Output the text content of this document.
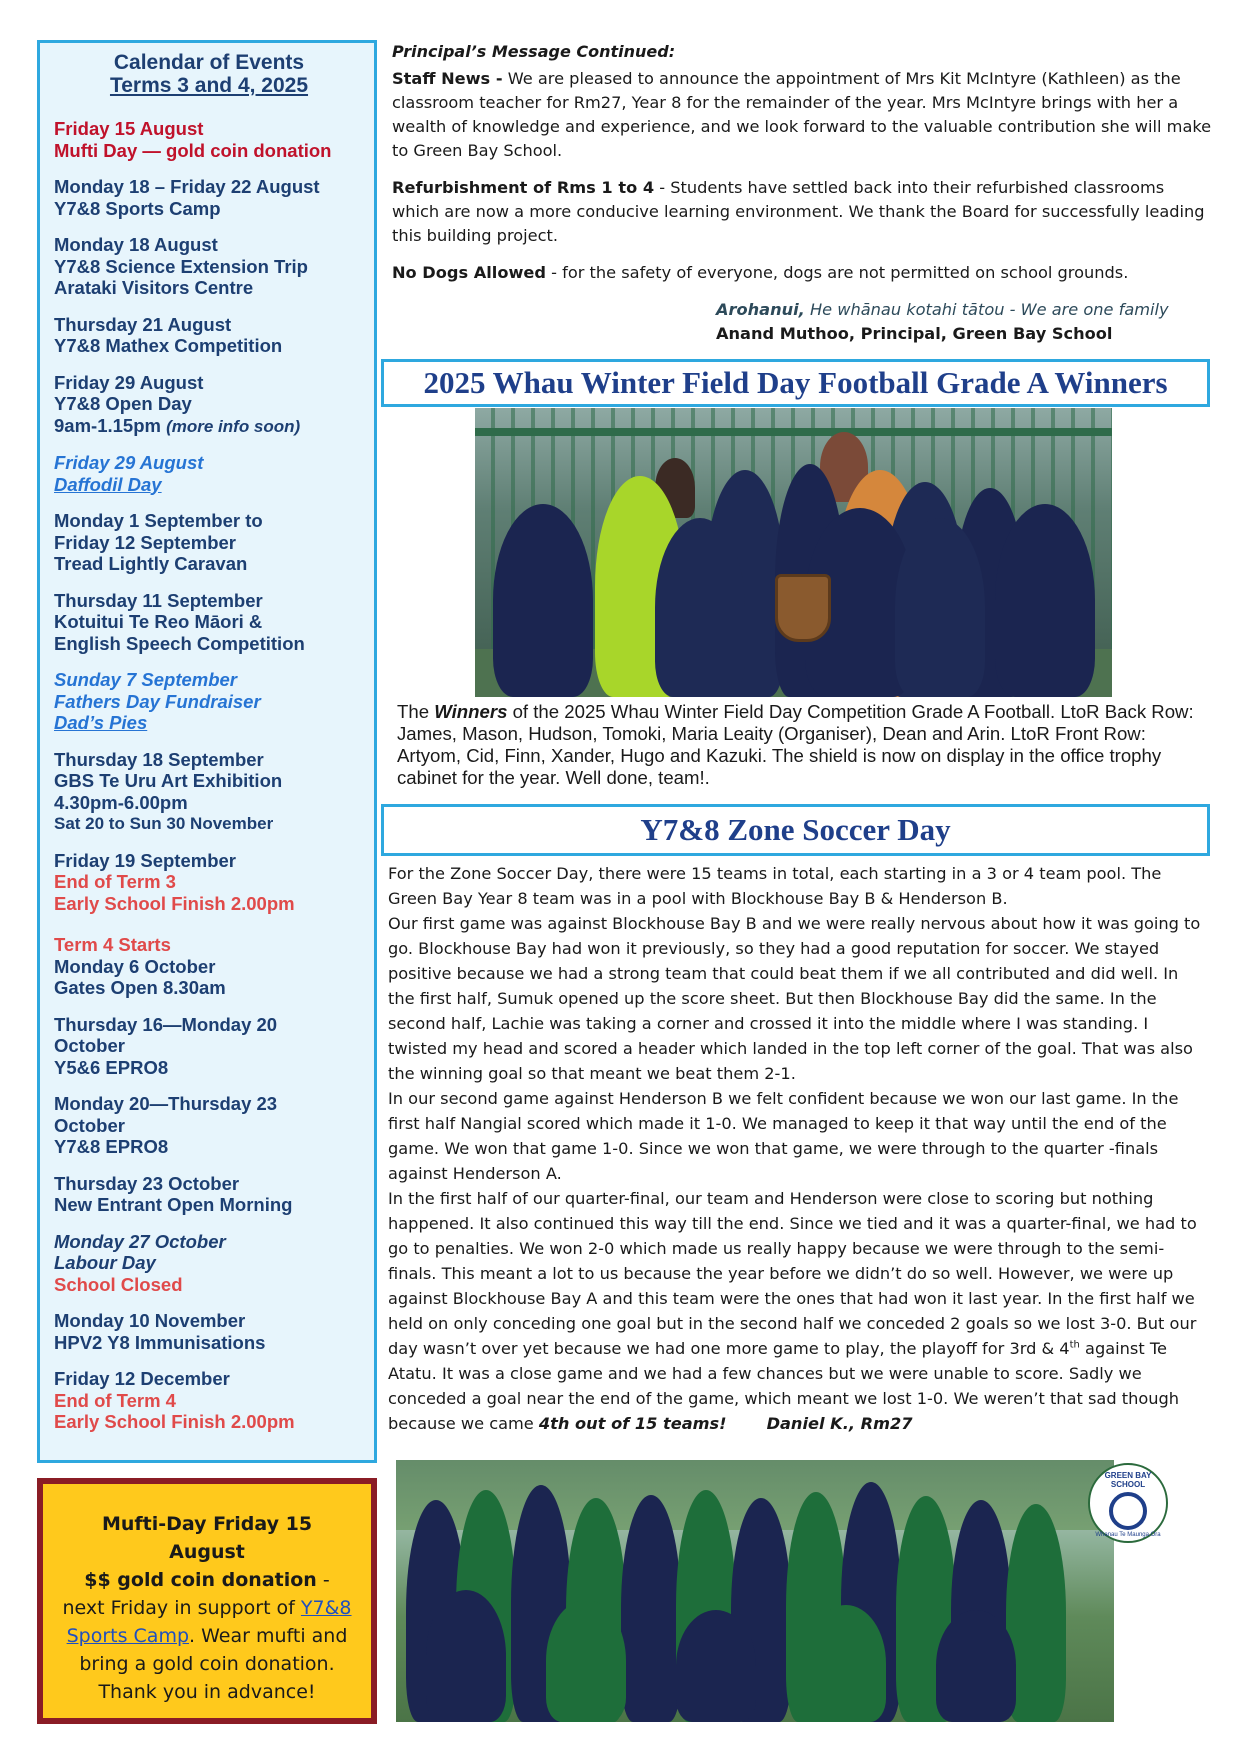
Calendar of Events
Terms 3 and 4, 2025
Friday 15 August
Mufti Day — gold coin donation
Monday 18 – Friday 22 August
Y7&8 Sports Camp
Monday 18 August
Y7&8 Science Extension Trip
Arataki Visitors Centre
Thursday 21 August
Y7&8 Mathex Competition
Friday 29 August
Y7&8 Open Day
9am-1.15pm (more info soon)
Friday 29 August
Daffodil Day
Monday 1 September to
Friday 12 September
Tread Lightly Caravan
Thursday 11 September
Kotuitui Te Reo Māori &
English Speech Competition
Sunday 7 September
Fathers Day Fundraiser
Dad’s Pies
Thursday 18 September
GBS Te Uru Art Exhibition
4.30pm-6.00pm
Sat 20 to Sun 30 November
Friday 19 September
End of Term 3
Early School Finish 2.00pm
Term 4 Starts
Monday 6 October
Gates Open 8.30am
Thursday 16—Monday 20
October
Y5&6 EPRO8
Monday 20—Thursday 23
October
Y7&8 EPRO8
Thursday 23 October
New Entrant Open Morning
Monday 27 October
Labour Day
School Closed
Monday 10 November
HPV2 Y8 Immunisations
Friday 12 December
End of Term 4
Early School Finish 2.00pm
Mufti-Day Friday 15 August
$$ gold coin donation -
next Friday in support of Y7&8 Sports Camp. Wear mufti and bring a gold coin donation.
Thank you in advance!
Principal’s Message Continued:

Staff News - We are pleased to announce the appointment of Mrs Kit McIntyre (Kathleen) as the classroom teacher for Rm27, Year 8 for the remainder of the year. Mrs McIntyre brings with her a wealth of knowledge and experience, and we look forward to the valuable contribution she will make to Green Bay School.

Refurbishment of Rms 1 to 4 - Students have settled back into their refurbished classrooms which are now a more conducive learning environment. We thank the Board for successfully leading this building project.

No Dogs Allowed - for the safety of everyone, dogs are not permitted on school grounds.

Arohanui, He whānau kotahi tātou - We are one family
Anand Muthoo, Principal, Green Bay School
2025 Whau Winter Field Day Football Grade A Winners
The Winners of the 2025 Whau Winter Field Day Competition Grade A Football. LtoR Back Row: James, Mason, Hudson, Tomoki, Maria Leaity (Organiser), Dean and Arin. LtoR Front Row: Artyom, Cid, Finn, Xander, Hugo and Kazuki. The shield is now on display in the office trophy cabinet for the year. Well done, team!.
Y7&8 Zone Soccer Day

For the Zone Soccer Day, there were 15 teams in total, each starting in a 3 or 4 team pool. The Green Bay Year 8 team was in a pool with Blockhouse Bay B & Henderson B.

Our first game was against Blockhouse Bay B and we were really nervous about how it was going to go. Blockhouse Bay had won it previously, so they had a good reputation for soccer. We stayed positive because we had a strong team that could beat them if we all contributed and did well. In the first half, Sumuk opened up the score sheet. But then Blockhouse Bay did the same. In the second half, Lachie was taking a corner and crossed it into the middle where I was standing. I twisted my head and scored a header which landed in the top left corner of the goal. That was also the winning goal so that meant we beat them 2-1.

In our second game against Henderson B we felt confident because we won our last game. In the first half Nangial scored which made it 1-0. We managed to keep it that way until the end of the game. We won that game 1-0. Since we won that game, we were through to the quarter -finals against Henderson A.

In the first half of our quarter-final, our team and Henderson were close to scoring but nothing happened. It also continued this way till the end. Since we tied and it was a quarter-final, we had to go to penalties. We won 2-0 which made us really happy because we were through to the semi-finals. This meant a lot to us because the year before we didn’t do so well. However, we were up against Blockhouse Bay A and this team were the ones that had won it last year. In the first half we held on only conceding one goal but in the second half we conceded 2 goals so we lost 3-0. But our day wasn’t over yet because we had one more game to play, the playoff for 3rd & 4th against Te Atatu. It was a close game and we had a few chances but we were unable to score. Sadly we conceded a goal near the end of the game, which meant we lost 1-0. We weren’t that sad though because we came 4th out of 15 teams! Daniel K., Rm27

GREEN BAY SCHOOL
Whanau Te Maunga Ora
